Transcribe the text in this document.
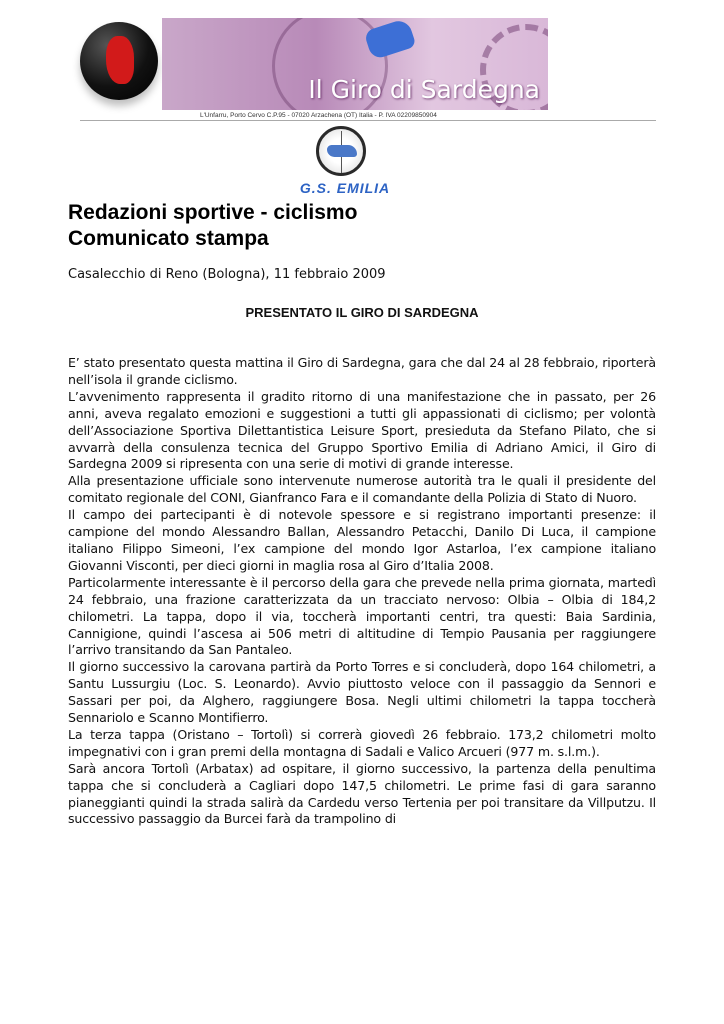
Il Giro di Sardegna
L'Unfarru, Porto Cervo C.P.95 - 07020 Arzachena (OT) Italia - P. IVA 02209850904
G.S. EMILIA
Redazioni sportive - ciclismo
Comunicato stampa
Casalecchio di Reno (Bologna), 11 febbraio 2009
PRESENTATO IL GIRO DI SARDEGNA

E’ stato presentato questa mattina il Giro di Sardegna, gara che dal 24 al 28 febbraio, riporterà nell’isola il grande ciclismo.

L’avvenimento rappresenta il gradito ritorno di una manifestazione che in passato, per 26 anni, aveva regalato emozioni e suggestioni a tutti gli appassionati di ciclismo; per volontà dell’Associazione Sportiva Dilettantistica Leisure Sport, presieduta da Stefano Pilato, che si avvarrà della consulenza tecnica del Gruppo Sportivo Emilia di Adriano Amici, il Giro di Sardegna 2009 si ripresenta con una serie di motivi di grande interesse.

Alla presentazione ufficiale sono intervenute numerose autorità tra le quali il presidente del comitato regionale del CONI, Gianfranco Fara e il comandante della Polizia di Stato di Nuoro.

Il campo dei partecipanti è di notevole spessore e si registrano importanti presenze: il campione del mondo Alessandro Ballan, Alessandro Petacchi, Danilo Di Luca, il campione italiano Filippo Simeoni, l’ex campione del mondo Igor Astarloa, l’ex campione italiano Giovanni Visconti, per dieci giorni in maglia rosa al Giro d’Italia 2008.

Particolarmente interessante è il percorso della gara che prevede nella prima giornata, martedì 24 febbraio, una frazione caratterizzata da un tracciato nervoso: Olbia – Olbia di 184,2 chilometri. La tappa, dopo il via, toccherà importanti centri, tra questi: Baia Sardinia, Cannigione, quindi l’ascesa ai 506 metri di altitudine di Tempio Pausania per raggiungere l’arrivo transitando da San Pantaleo.

Il giorno successivo la carovana partirà da Porto Torres e si concluderà, dopo 164 chilometri, a Santu Lussurgiu (Loc. S. Leonardo). Avvio piuttosto veloce con il passaggio da Sennori e Sassari per poi, da Alghero, raggiungere Bosa. Negli ultimi chilometri la tappa toccherà Sennariolo e Scanno Montifierro.

La terza tappa (Oristano – Tortolì) si correrà giovedì 26 febbraio. 173,2 chilometri molto impegnativi con i gran premi della montagna di Sadali e Valico Arcueri (977 m. s.l.m.).

Sarà ancora Tortolì (Arbatax) ad ospitare, il giorno successivo, la partenza della penultima tappa che si concluderà a Cagliari dopo 147,5 chilometri. Le prime fasi di gara saranno pianeggianti quindi la strada salirà da Cardedu verso Tertenia per poi transitare da Villputzu. Il successivo passaggio da Burcei farà da trampolino di
